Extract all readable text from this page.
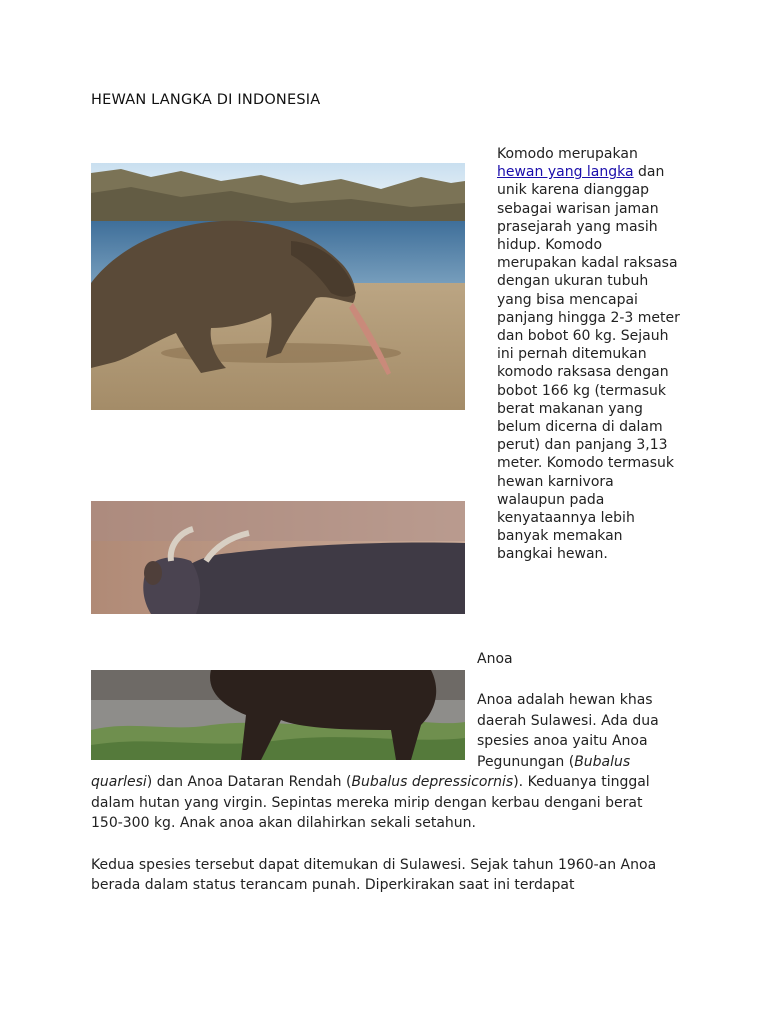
HEWAN LANGKA DI INDONESIA

Komodo merupakan hewan yang langka dan unik karena dianggap sebagai warisan jaman prasejarah yang masih hidup. Komodo merupakan kadal raksasa dengan ukuran tubuh yang bisa mencapai panjang hingga 2-3 meter dan bobot 60 kg. Sejauh ini pernah ditemukan komodo raksasa dengan bobot 166 kg (termasuk berat makanan yang belum dicerna di dalam perut) dan panjang 3,13 meter. Komodo termasuk hewan karnivora walaupun pada kenyataannya lebih banyak memakan bangkai hewan.

Anoa

Anoa adalah hewan khas daerah Sulawesi. Ada dua spesies anoa yaitu Anoa Pegunungan (Bubalus quarlesi) dan Anoa Dataran Rendah (Bubalus depressicornis). Keduanya tinggal dalam hutan yang virgin. Sepintas mereka mirip dengan kerbau dengani berat 150-300 kg. Anak anoa akan dilahirkan sekali setahun.

Kedua spesies tersebut dapat ditemukan di Sulawesi. Sejak tahun 1960-an Anoa berada dalam status terancam punah. Diperkirakan saat ini terdapat
